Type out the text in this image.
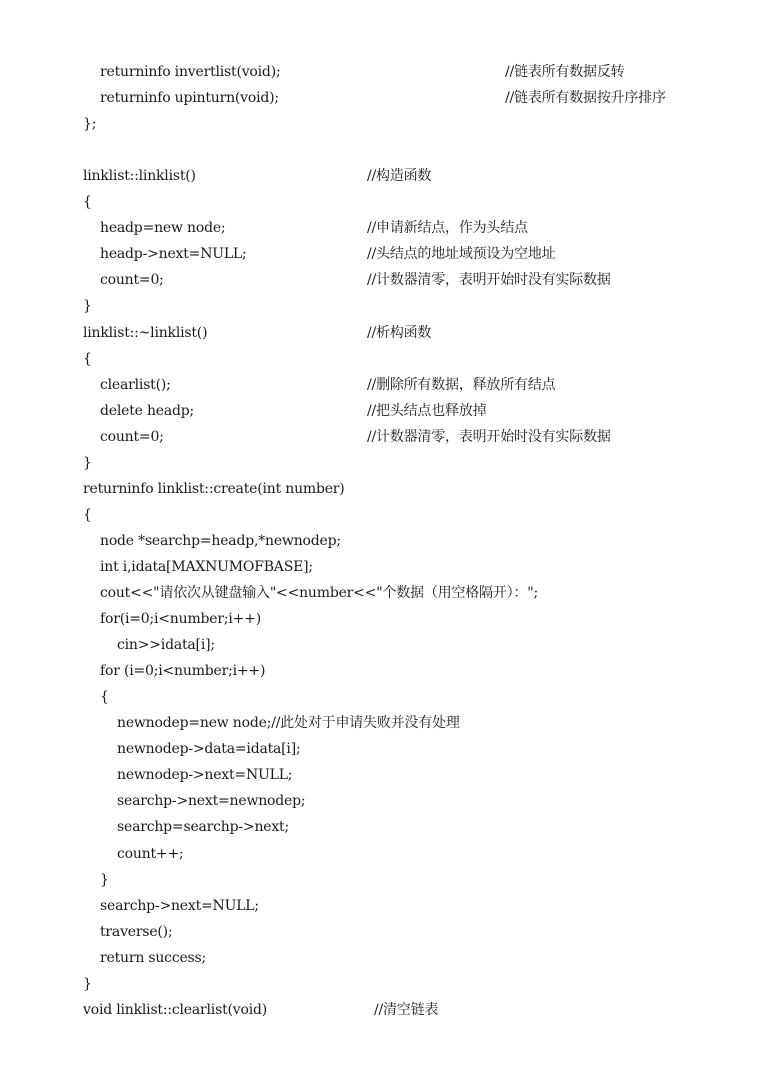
returninfo invertlist(void);	//链表所有数据反转
returninfo upinturn(void);	//链表所有数据按升序排序
};
linklist::linklist()	//构造函数
{
headp=new node;	//申请新结点，作为头结点
headp->next=NULL;	//头结点的地址域预设为空地址
count=0;	//计数器清零，表明开始时没有实际数据
}
linklist::~linklist()	//析构函数
{
clearlist();	//删除所有数据，释放所有结点
delete headp;	//把头结点也释放掉
count=0;	//计数器清零，表明开始时没有实际数据
}
returninfo linklist::create(int number)
{
node *searchp=headp,*newnodep;
int i,idata[MAXNUMOFBASE];
cout<<"请依次从键盘输入"<<number<<"个数据（用空格隔开）：";
for(i=0;i<number;i++)
cin>>idata[i];
for (i=0;i<number;i++)
{
newnodep=new node;//此处对于申请失败并没有处理
newnodep->data=idata[i];
newnodep->next=NULL;
searchp->next=newnodep;
searchp=searchp->next;
count++;
}
searchp->next=NULL;
traverse();
return success;
}
void linklist::clearlist(void)	//清空链表
